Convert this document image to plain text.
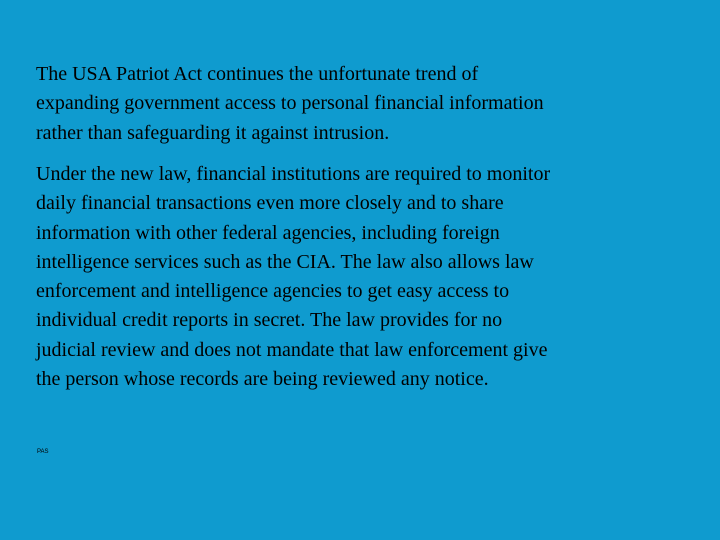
The USA Patriot Act continues the unfortunate trend of
expanding government access to personal financial information
rather than safeguarding it against intrusion.

Under the new law, financial institutions are required to monitor
daily financial transactions even more closely and to share
information with other federal agencies, including foreign
intelligence services such as the CIA. The law also allows law
enforcement and intelligence agencies to get easy access to
individual credit reports in secret. The law provides for no
judicial review and does not mandate that law enforcement give
the person whose records are being reviewed any notice.

PAS
